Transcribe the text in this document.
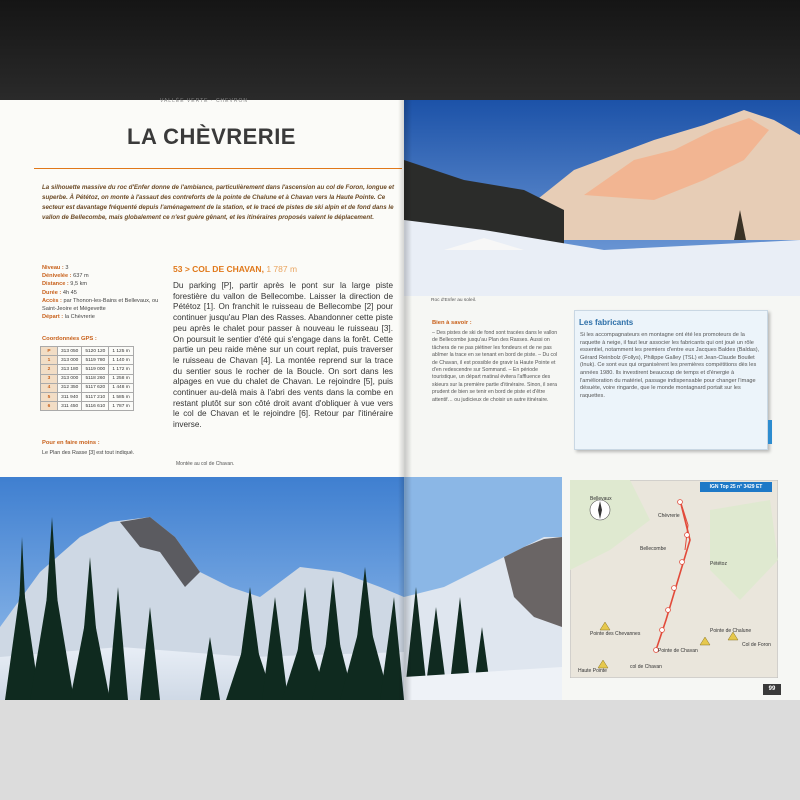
VALLÉE VERTE · CHEVRON
LA CHÈVRERIE
La silhouette massive du roc d'Enfer donne de l'ambiance, particulièrement dans l'ascension au col de Foron, longue et superbe. À Pététoz, on monte à l'assaut des contreforts de la pointe de Chalune et à Chavan vers la Haute Pointe. Ce secteur est davantage fréquenté depuis l'aménagement de la station, et le tracé de pistes de ski alpin et de fond dans le vallon de Bellecombe, mais globalement ce n'est guère gênant, et les itinéraires proposés valent le déplacement.
Niveau : 3
Dénivelée : 637 m
Distance : 9,5 km
Durée : 4h 45
Accès : par Thonon-les-Bains et Bellevaux, ou Saint-Jeoire et Mégevette
Départ : la Chèvrerie
Coordonnées GPS :
P	313 050	5120 120	1 125 m
1	313 000	5119 780	1 140 m
2	313 180	5119 000	1 172 m
3	313 000	5118 260	1 258 m
4	312 350	5117 620	1 448 m
5	311 940	5117 210	1 585 m
6	311 450	5116 610	1 787 m
Pour en faire moins :
Le Plan des Rasse [3] est tout indiqué.
53 > COL DE CHAVAN, 1 787 m
Du parking [P], partir après le pont sur la large piste forestière du vallon de Bellecombe. Laisser la direction de Pététoz [1]. On franchit le ruisseau de Bellecombe [2] pour continuer jusqu'au Plan des Rasses. Abandonner cette piste peu après le chalet pour passer à nouveau le ruisseau [3]. On poursuit le sentier d'été qui s'engage dans la forêt. Cette partie un peu raide mène sur un court replat, puis traverser le ruisseau de Chavan [4]. La montée reprend sur la trace du sentier sous le rocher de la Boucle. On sort dans les alpages en vue du chalet de Chavan. Le rejoindre [5], puis continuer au-delà mais à l'abri des vents dans la combe en restant plutôt sur son côté droit avant d'obliquer à vue vers le col de Chavan et le rejoindre [6]. Retour par l'itinéraire inverse.
Montée au col de Chavan.
Roc d'Enfer au soleil.
Bien à savoir :
– Des pistes de ski de fond sont tracées dans le vallon de Bellecombe jusqu'au Plan des Rasses. Aussi on tâchera de ne pas piétiner les fondeurs et de ne pas abîmer la trace en se tenant en bord de piste. – Du col de Chavan, il est possible de gravir la Haute Pointe et d'en redescendre sur Sommand. – En période touristique, un départ matinal évitera l'affluence des skieurs sur la première partie d'itinéraire. Sinon, il sera prudent de bien se tenir en bord de piste et d'être attentif… ou judicieux de choisir un autre itinéraire.
Les fabricants
Si les accompagnateurs en montagne ont été les promoteurs de la raquette à neige, il faut leur associer les fabricants qui ont joué un rôle essentiel, notamment les premiers d'entre eux Jacques Baldes (Baldas), Gérard Reinbolz (Follys), Philippe Galley (TSL) et Jean-Claude Bouilet (Inuk). Ce sont eux qui organisèrent les premières compétitions dès les années 1980. Ils investirent beaucoup de temps et d'énergie à l'amélioration du matériel, passage indispensable pour changer l'image désuète, voire ringarde, que le monde montagnard portait sur les raquettes.
Chèvrerie
Bellevaux
Pététoz
Bellecombe
Pointe des Chevannes
Pointe de Chavan
Pointe de Chalune
col de Chavan
Haute Pointe
Col de Foron
IGN Top 25 n° 3429 ET
99
